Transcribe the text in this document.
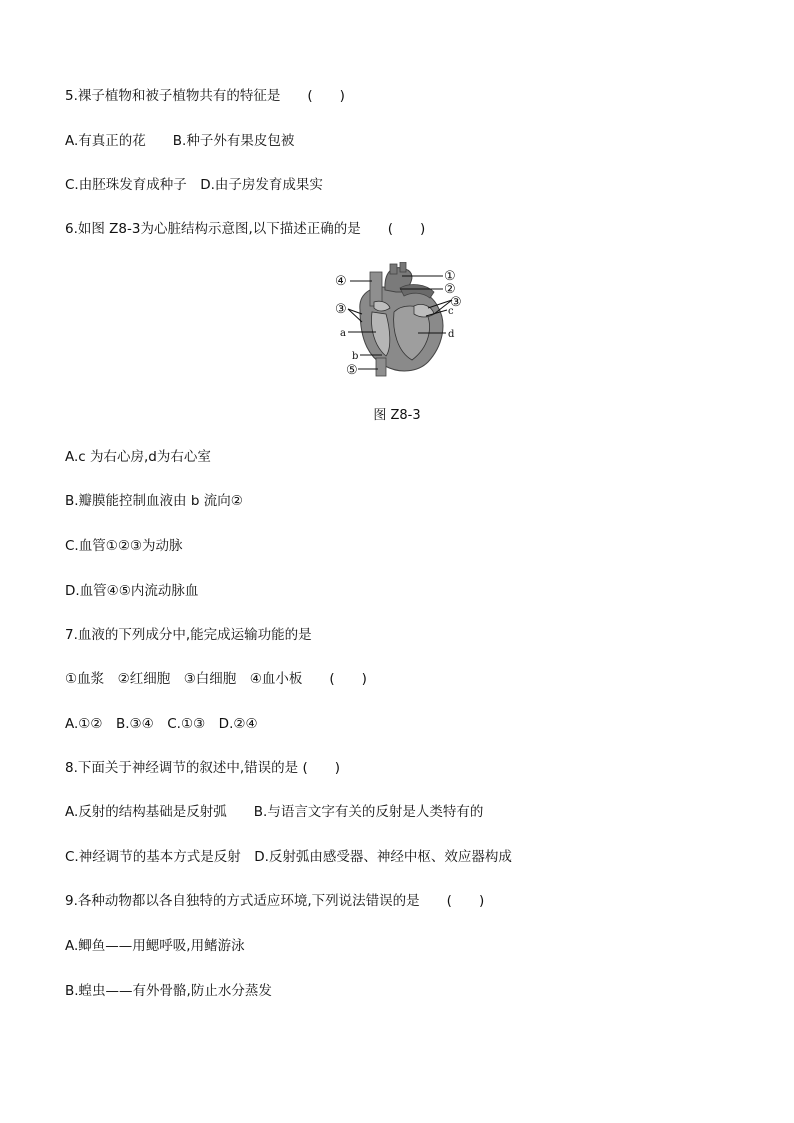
5.裸子植物和被子植物共有的特征是　　(　　)
A.有真正的花　　B.种子外有果皮包被
C.由胚珠发育成种子　D.由子房发育成果实
6.如图 Z8-3为心脏结构示意图,以下描述正确的是　　(　　)
①
②
③
④
③
⑤
a
b
c
d
图 Z8-3
A.c 为右心房,d为右心室
B.瓣膜能控制血液由 b 流向②
C.血管①②③为动脉
D.血管④⑤内流动脉血
7.血液的下列成分中,能完成运输功能的是
①血浆　②红细胞　③白细胞　④血小板　　(　　)
A.①②　B.③④　C.①③　D.②④
8.下面关于神经调节的叙述中,错误的是 (　　)
A.反射的结构基础是反射弧　　B.与语言文字有关的反射是人类特有的
C.神经调节的基本方式是反射　D.反射弧由感受器、神经中枢、效应器构成
9.各种动物都以各自独特的方式适应环境,下列说法错误的是　　(　　)
A.鲫鱼——用鳃呼吸,用鳍游泳
B.蝗虫——有外骨骼,防止水分蒸发
